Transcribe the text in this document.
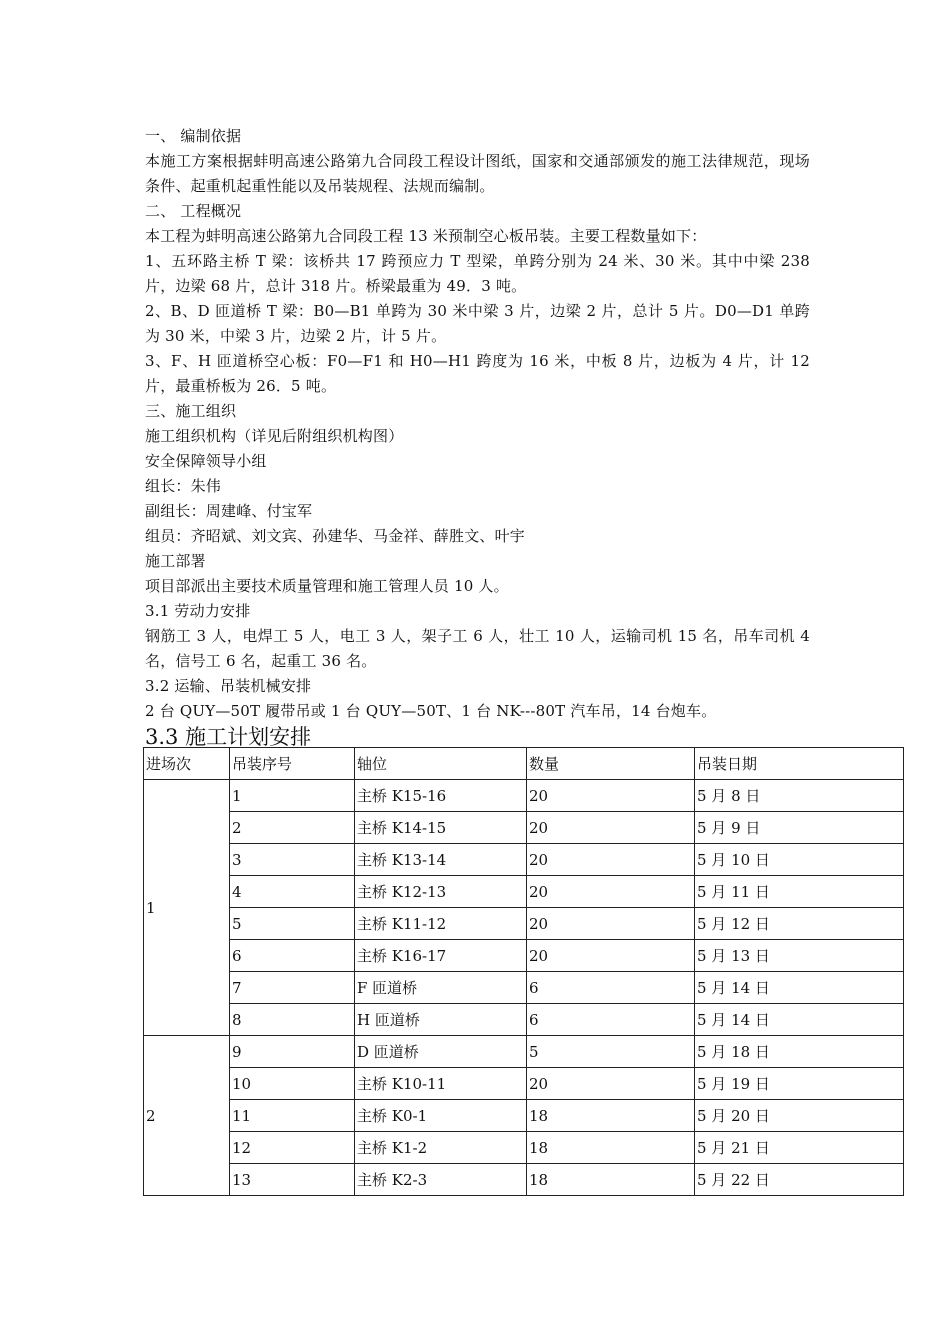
一、 编制依据

本施工方案根据蚌明高速公路第九合同段工程设计图纸，国家和交通部颁发的施工法律规范，现场条件、起重机起重性能以及吊装规程、法规而编制。

二、 工程概况

本工程为蚌明高速公路第九合同段工程 13 米预制空心板吊装。主要工程数量如下：

1、五环路主桥 T 梁：该桥共 17 跨预应力 T 型梁，单跨分别为 24 米、30 米。其中中梁 238 片，边梁 68 片，总计 318 片。桥梁最重为 49．3 吨。

2、B、D 匝道桥 T 梁：B0—B1 单跨为 30 米中梁 3 片，边梁 2 片，总计 5 片。D0—D1 单跨为 30 米，中梁 3 片，边梁 2 片，计 5 片。

3、F、H 匝道桥空心板：F0—F1 和 H0—H1 跨度为 16 米，中板 8 片，边板为 4 片，计 12 片，最重桥板为 26．5 吨。

三、施工组织

施工组织机构（详见后附组织机构图）

安全保障领导小组

组长：朱伟

副组长：周建峰、付宝军

组员：齐昭斌、刘文宾、孙建华、马金祥、薛胜文、叶宇

施工部署

项目部派出主要技术质量管理和施工管理人员 10 人。

3.1 劳动力安排

钢筋工 3 人，电焊工 5 人，电工 3 人，架子工 6 人，壮工 10 人，运输司机 15 名，吊车司机 4 名，信号工 6 名，起重工 36 名。

3.2 运输、吊装机械安排

2 台 QUY—50T 履带吊或 1 台 QUY—50T、1 台 NK---80T 汽车吊，14 台炮车。

3.3 施工计划安排

进场次	吊装序号	轴位	数量	吊装日期
1	1	主桥 K15-16	20	5 月 8 日
	2	主桥 K14-15	20	5 月 9 日
	3	主桥 K13-14	20	5 月 10 日
	4	主桥 K12-13	20	5 月 11 日
	5	主桥 K11-12	20	5 月 12 日
	6	主桥 K16-17	20	5 月 13 日
	7	F 匝道桥	6	5 月 14 日
	8	H 匝道桥	6	5 月 14 日
2	9	D 匝道桥	5	5 月 18 日
	10	主桥 K10-11	20	5 月 19 日
	11	主桥 K0-1	18	5 月 20 日
	12	主桥 K1-2	18	5 月 21 日
	13	主桥 K2-3	18	5 月 22 日
